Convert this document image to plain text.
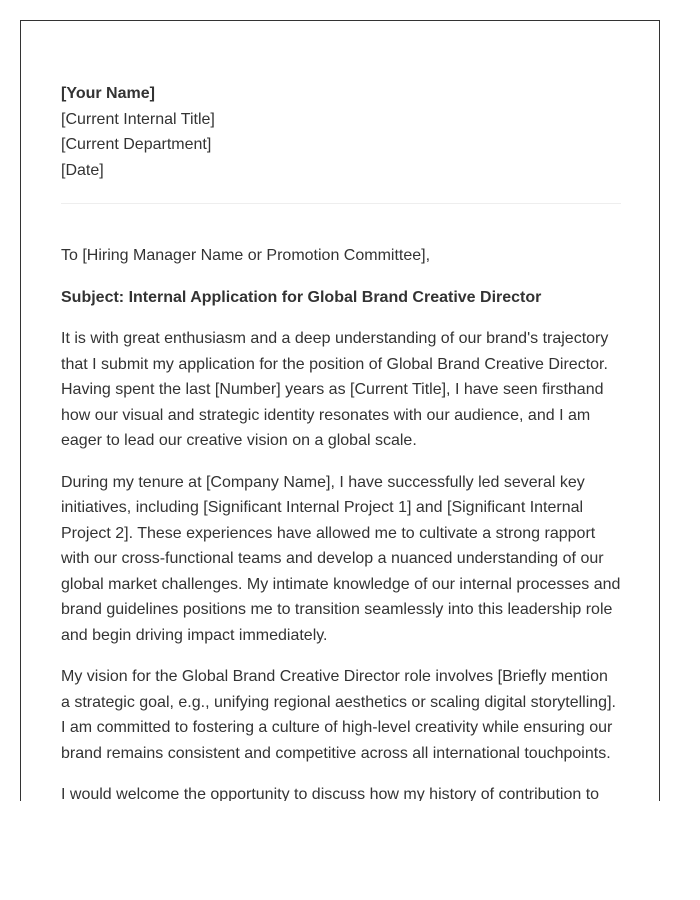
[Your Name]
[Current Internal Title]
[Current Department]
[Date]

To [Hiring Manager Name or Promotion Committee],

Subject: Internal Application for Global Brand Creative Director

It is with great enthusiasm and a deep understanding of our brand's trajectory that I submit my application for the position of Global Brand Creative Director. Having spent the last [Number] years as [Current Title], I have seen firsthand how our visual and strategic identity resonates with our audience, and I am eager to lead our creative vision on a global scale.

During my tenure at [Company Name], I have successfully led several key initiatives, including [Significant Internal Project 1] and [Significant Internal Project 2]. These experiences have allowed me to cultivate a strong rapport with our cross-functional teams and develop a nuanced understanding of our global market challenges. My intimate knowledge of our internal processes and brand guidelines positions me to transition seamlessly into this leadership role and begin driving impact immediately.

My vision for the Global Brand Creative Director role involves [Briefly mention a strategic goal, e.g., unifying regional aesthetics or scaling digital storytelling]. I am committed to fostering a culture of high-level creativity while ensuring our brand remains consistent and competitive across all international touchpoints.

I would welcome the opportunity to discuss how my history of contribution to
